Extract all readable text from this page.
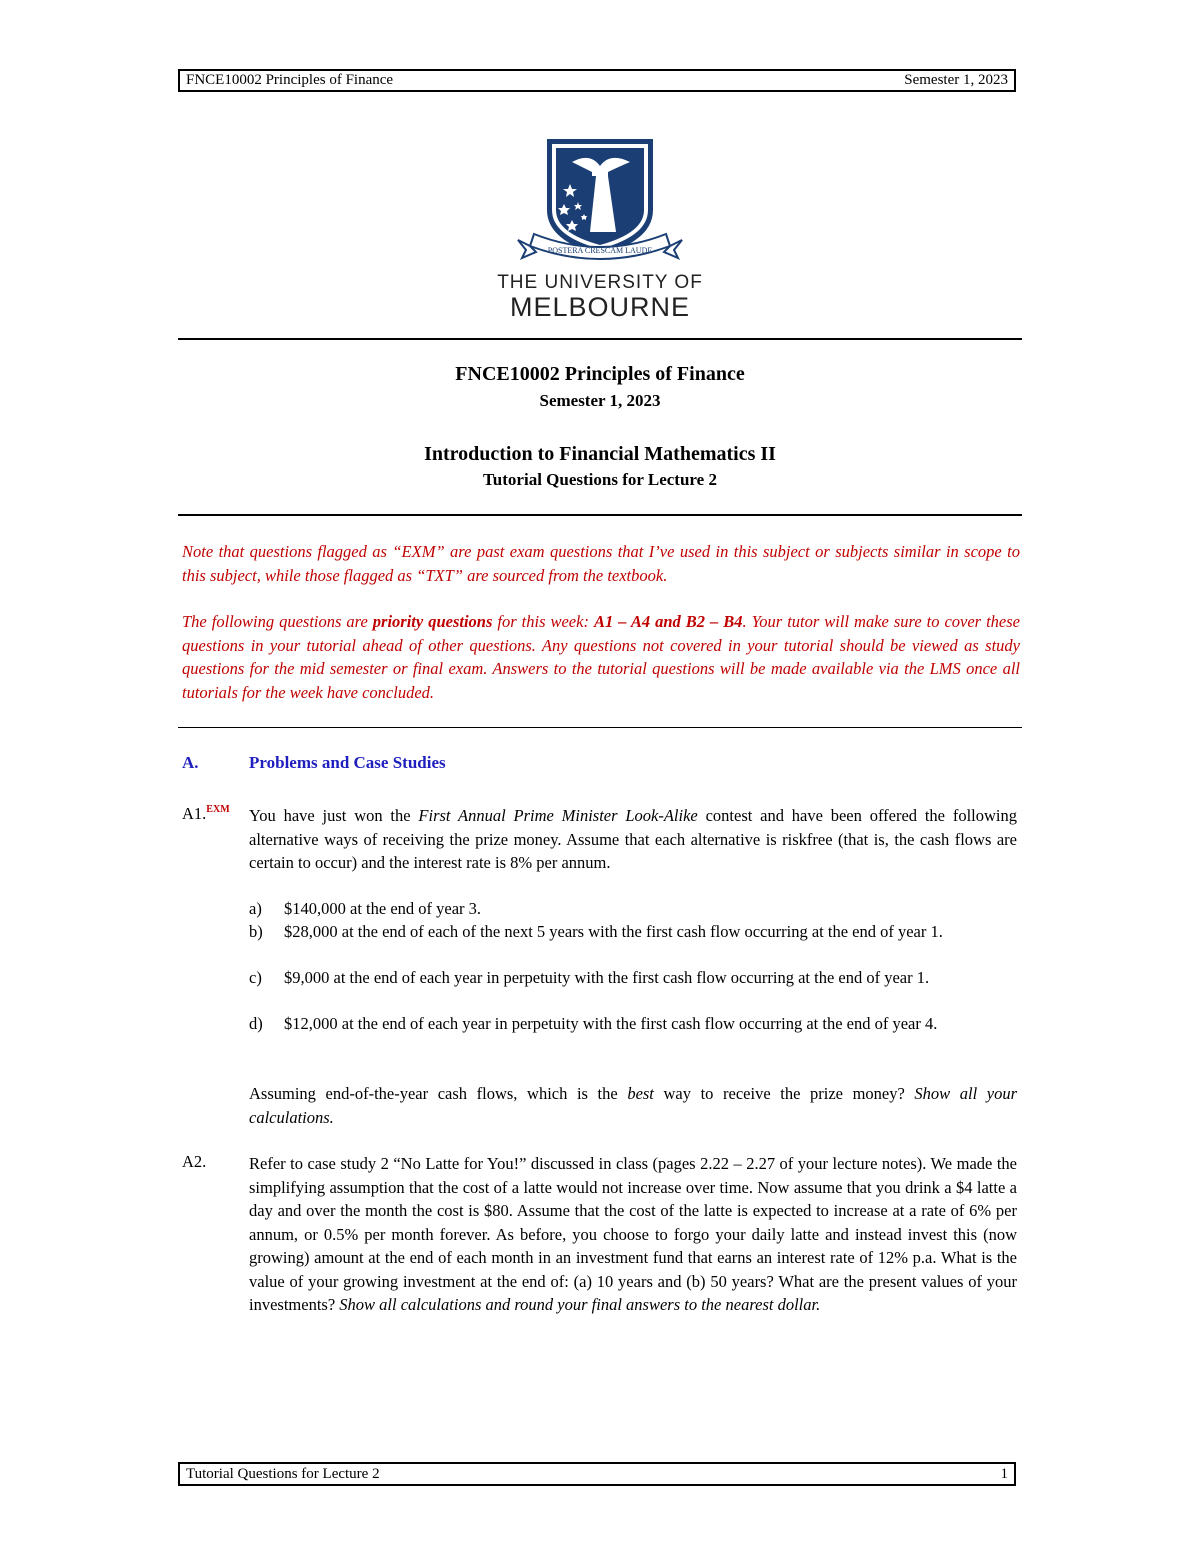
FNCE10002 Principles of Finance	Semester 1, 2023
POSTERA CRESCAM LAUDE
THE UNIVERSITY OF
MELBOURNE
FNCE10002 Principles of Finance
Semester 1, 2023
Introduction to Financial Mathematics II
Tutorial Questions for Lecture 2
Note that questions flagged as “EXM” are past exam questions that I’ve used in this subject or subjects similar in scope to this subject, while those flagged as “TXT” are sourced from the textbook.
The following questions are priority questions for this week: A1 – A4 and B2 – B4. Your tutor will make sure to cover these questions in your tutorial ahead of other questions. Any questions not covered in your tutorial should be viewed as study questions for the mid semester or final exam. Answers to the tutorial questions will be made available via the LMS once all tutorials for the week have concluded.
A.	Problems and Case Studies
A1.$^{EXM}$ You have just won the First Annual Prime Minister Look-Alike contest and have been offered the following alternative ways of receiving the prize money. Assume that each alternative is riskfree (that is, the cash flows are certain to occur) and the interest rate is 8% per annum.
a) $140,000 at the end of year 3.
b) $28,000 at the end of each of the next 5 years with the first cash flow occurring at the end of year 1.
c) $9,000 at the end of each year in perpetuity with the first cash flow occurring at the end of year 1.
d) $12,000 at the end of each year in perpetuity with the first cash flow occurring at the end of year 4.
Assuming end-of-the-year cash flows, which is the best way to receive the prize money? Show all your calculations.
A2.	Refer to case study 2 “No Latte for You!” discussed in class (pages 2.22 – 2.27 of your lecture notes). We made the simplifying assumption that the cost of a latte would not increase over time. Now assume that you drink a $4 latte a day and over the month the cost is $80. Assume that the cost of the latte is expected to increase at a rate of 6% per annum, or 0.5% per month forever. As before, you choose to forgo your daily latte and instead invest this (now growing) amount at the end of each month in an investment fund that earns an interest rate of 12% p.a. What is the value of your growing investment at the end of: (a) 10 years and (b) 50 years? What are the present values of your investments? Show all calculations and round your final answers to the nearest dollar.
Tutorial Questions for Lecture 2	1
